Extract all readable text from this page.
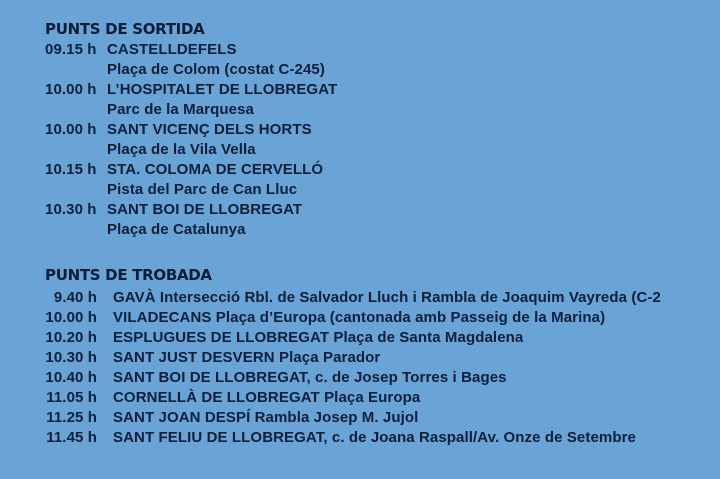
PUNTS DE SORTIDA
09.15 h CASTELLDEFELS
Plaça de Colom (costat C-245)
10.00 h L’HOSPITALET DE LLOBREGAT
Parc de la Marquesa
10.00 h SANT VICENÇ DELS HORTS
Plaça de la Vila Vella
10.15 h STA. COLOMA DE CERVELLÓ
Pista del Parc de Can Lluc
10.30 h SANT BOI DE LLOBREGAT
Plaça de Catalunya
PUNTS DE TROBADA
9.40 h GAVÀ Intersecció Rbl. de Salvador Lluch i Rambla de Joaquim Vayreda (C-2
10.00 h VILADECANS Plaça d’Europa (cantonada amb Passeig de la Marina)
10.20 h ESPLUGUES DE LLOBREGAT Plaça de Santa Magdalena
10.30 h SANT JUST DESVERN Plaça Parador
10.40 h SANT BOI DE LLOBREGAT, c. de Josep Torres i Bages
11.05 h CORNELLÀ DE LLOBREGAT Plaça Europa
11.25 h SANT JOAN DESPÍ Rambla Josep M. Jujol
11.45 h SANT FELIU DE LLOBREGAT, c. de Joana Raspall/Av. Onze de Setembre
